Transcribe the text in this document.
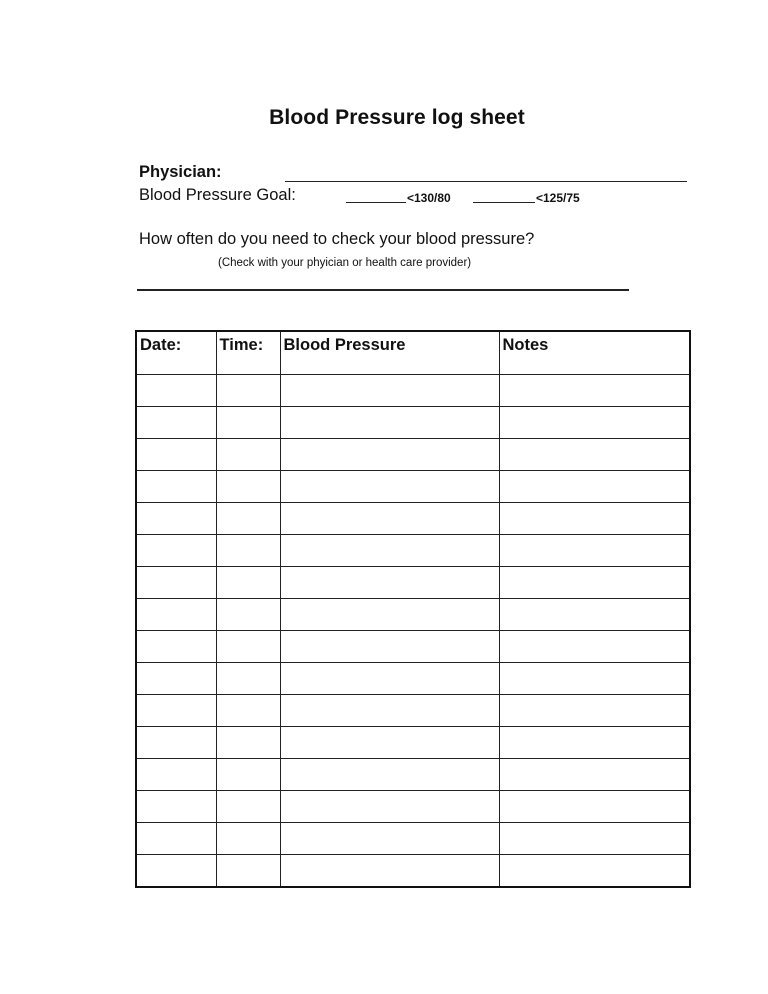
Blood Pressure log sheet
Physician:
Blood Pressure Goal:	<130/80	<125/75
How often do you need to check your blood pressure?
(Check with your phyician or health care provider)
Date:	Time:	Blood Pressure	Notes
